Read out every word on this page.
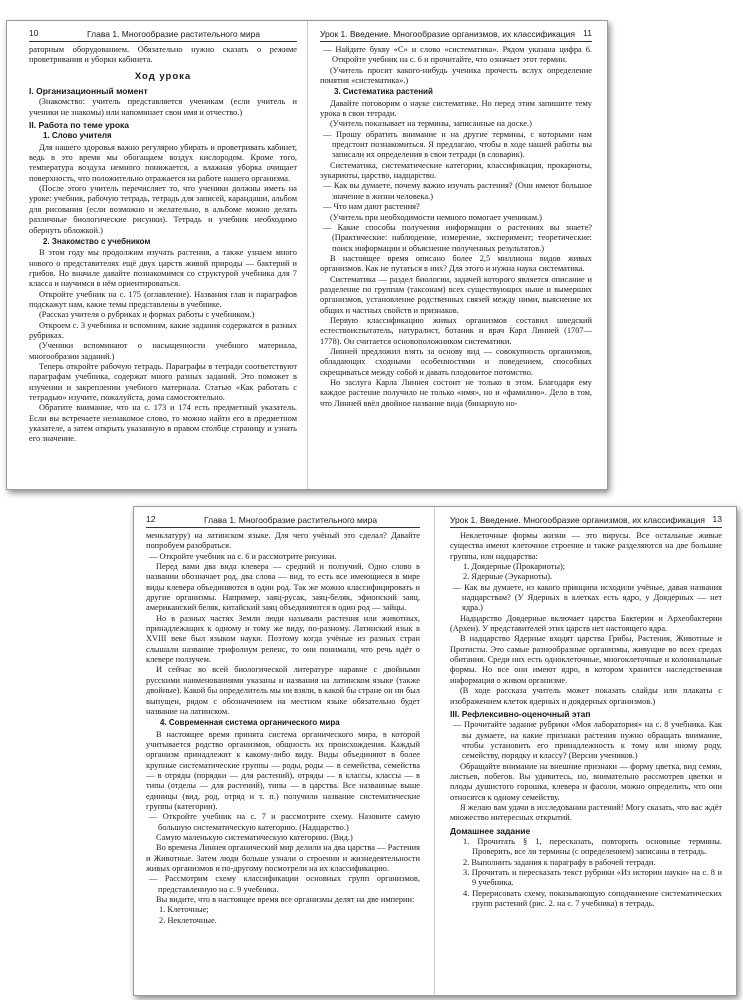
10	Глава 1. Многообразие растительного мира

раторным оборудованием. Обязательно нужно сказать о режиме проветривания и уборки кабинета.

Ход урока
I. Организационный момент

(Знакомство: учитель представляется ученикам (если учитель и ученики не знакомы) или напоминает свои имя и отчество.)

II. Работа по теме урока
1. Слово учителя

Для нашего здоровья важно регулярно убирать и проветривать кабинет, ведь в это время мы обогащаем воздух кислородом. Кроме того, температура воздуха немного понижается, а влажная уборка очищает поверхность, что положительно отражается на работе нашего организма.

(После этого учитель перечисляет то, что ученики должны иметь на уроке: учебник, рабочую тетрадь, тетрадь для записей, карандаши, альбом для рисования (если возможно и желательно, в альбоме можно делать различные биологические рисунки). Тетрадь и учебник необходимо обернуть обложкой.)

2. Знакомство с учебником

В этом году мы продолжим изучать растения, а также узнаем много нового о представителях ещё двух царств живой природы — бактерий и грибов. Но вначале давайте познакомимся со структурой учебника для 7 класса и научимся в нём ориентироваться.

Откройте учебник на с. 175 (оглавление). Названия глав и параграфов подскажут нам, какие темы представлены в учебнике.

(Рассказ учителя о рубриках и формах работы с учебником.)

Откроем с. 3 учебника и вспомним, какие задания содержатся в разных рубриках.

(Ученики вспоминают о насыщенности учебного материала, многообразии заданий.)

Теперь откройте рабочую тетрадь. Параграфы в тетради соответствуют параграфам учебника, содержат много разных заданий. Это поможет в изучении и закреплении учебного материала. Статью «Как работать с тетрадью» изучите, пожалуйста, дома самостоятельно.

Обратите внимание, что на с. 173 и 174 есть предметный указатель. Если вы встречаете незнакомое слово, то можно найти его в предметном указателе, а затем открыть указанную в правом столбце страницу и узнать его значение.

Урок 1. Введение. Многообразие организмов, их классификация 11

— Найдите букву «С» и слово «систематика». Рядом указана цифра 6. Откройте учебник на с. 6 и прочитайте, что означает этот термин.

(Учитель просит какого-нибудь ученика прочесть вслух определение понятия «систематика».)

3. Систематика растений

Давайте поговорим о науке систематике. Но перед этим запишите тему урока в свои тетради.

(Учитель показывает на термины, записанные на доске.)

— Прошу обратить внимание и на другие термины, с которыми нам предстоит познакомиться. Я предлагаю, чтобы в ходе нашей работы вы записали их определения в свои тетради (в словарик).

Систематика, систематические категории, классификация, прокариоты, эукариоты, царство, надцарство.

— Как вы думаете, почему важно изучать растения? (Они имеют большое значение в жизни человека.)

— Что нам дают растения?

(Учитель при необходимости немного помогает ученикам.)

— Какие способы получения информации о растениях вы знаете? (Практические: наблюдение, измерение, эксперимент; теоретические: поиск информации и объяснение полученных результатов.)

В настоящее время описано более 2,5 миллиона видов живых организмов. Как не путаться в них? Для этого и нужна наука систематика.

Систематика — раздел биологии, задачей которого является описание и разделение по группам (таксонам) всех существующих ныне и вымерших организмов, установление родственных связей между ними, выяснение их общих и частных свойств и признаков.

Первую классификацию живых организмов составил шведский естествоиспытатель, натуралист, ботаник и врач Карл Линней (1707—1778). Он считается основоположником систематики.

Линней предложил взять за основу вид — совокупность организмов, обладающих сходными особенностями и поведением, способных скрещиваться между собой и давать плодовитое потомство.

Но заслуга Карла Линнея состоит не только в этом. Благодаря ему каждое растение получило не только «имя», но и «фамилию». Дело в том, что Линней ввёл двойное название вида (бинарную но-

12	Глава 1. Многообразие растительного мира

менклатуру) на латинском языке. Для чего учёный это сделал? Давайте попробуем разобраться.

— Откройте учебник на с. 6 и рассмотрите рисунки.

Перед вами два вида клевера — средний и ползучий. Одно слово в названии обозначает род, два слова — вид, то есть все имеющиеся в мире виды клевера объединяются в один род. Так же можно классифицировать и другие организмы. Например, заяц-русак, заяц-беляк, эфиопский заяц, американский беляк, китайский заяц объединяются в один род — зайцы.

Но в разных частях Земли люди называли растения или животных, принадлежащих к одному и тому же виду, по-разному. Латинский язык в XVIII веке был языком науки. Поэтому когда учёные из разных стран слышали название трифолиум репенс, то они понимали, что речь идёт о клевере ползучем.

И сейчас во всей биологической литературе наравне с двойными русскими наименованиями указаны и названия на латинском языке (также двойные). Какой бы определитель мы ни взяли, в какой бы стране он ни был выпущен, рядом с обозначением на местном языке обязательно будет название на латинском.

4. Современная система органического мира

В настоящее время принята система органического мира, в которой учитывается родство организмов, общность их происхождения. Каждый организм принадлежит к какому-либо виду. Виды объединяют в более крупные систематические группы — роды, роды — в семейства, семейства — в отряды (порядки — для растений), отряды — в классы, классы — в типы (отделы — для растений), типы — в царства. Все названные выше единицы (вид, род, отряд и т. п.) получили название систематические группы (категории).

— Откройте учебник на с. 7 и рассмотрите схему. Назовите самую большую систематическую категорию. (Надцарство.)

Самую маленькую систематическую категорию. (Вид.)

Во времена Линнея органический мир делили на два царства — Растения и Животные. Затем люди больше узнали о строении и жизнедеятельности живых организмов и по-другому посмотрели на их классификацию.

— Рассмотрим схему классификации основных групп организмов, представленную на с. 9 учебника.

Вы видите, что в настоящее время все организмы делят на две империи:

1. Клеточные;

2. Неклеточные.

Урок 1. Введение. Многообразие организмов, их классификация 13

Неклеточные формы жизни — это вирусы. Все остальные живые существа имеют клеточное строение и также разделяются на две большие группы, или надцарства:

1. Доядерные (Прокариоты);

2. Ядерные (Эукариоты).

— Как вы думаете, из какого принципа исходили учёные, давая названия надцарствам? (У Ядерных в клетках есть ядро, у Доядерных — нет ядра.)

Надцарство Доядерные включает царства Бактерии и Археобактерии (Археи). У представителей этих царств нет настоящего ядра.

В надцарство Ядерные входят царства Грибы, Растения, Животные и Протисты. Это самые разнообразные организмы, живущие во всех средах обитания. Среди них есть одноклеточные, многоклеточные и колониальные формы. Но все они имеют ядро, в котором хранится наследственная информация о живом организме.

(В ходе рассказа учитель может показать слайды или плакаты с изображением клеток ядерных и доядерных организмов.)

III. Рефлексивно-оценочный этап

— Прочитайте задание рубрики «Моя лаборатория» на с. 8 учебника. Как вы думаете, на какие признаки растения нужно обращать внимание, чтобы установить его принадлежность к тому или иному роду, семейству, порядку и классу? (Версии учеников.)

Обращайте внимание на внешние признаки — форму цветка, вид семян, листьев, побегов. Вы удивитесь, но, внимательно рассмотрев цветки и плоды душистого горошка, клевера и фасоли, можно определить, что они относятся к одному семейству.

Я желаю вам удачи в исследовании растений! Могу сказать, что вас ждёт множество интересных открытий.

Домашнее задание

1. Прочитать § 1, пересказать, повторить основные термины. Проверить, все ли термины (с определением) записаны в тетрадь.

2. Выполнить задания к параграфу в рабочей тетради.

3. Прочитать и пересказать текст рубрики «Из истории науки» на с. 8 и 9 учебника.

4. Перерисовать схему, показывающую соподчинение систематических групп растений (рис. 2. на с. 7 учебника) в тетрадь.
